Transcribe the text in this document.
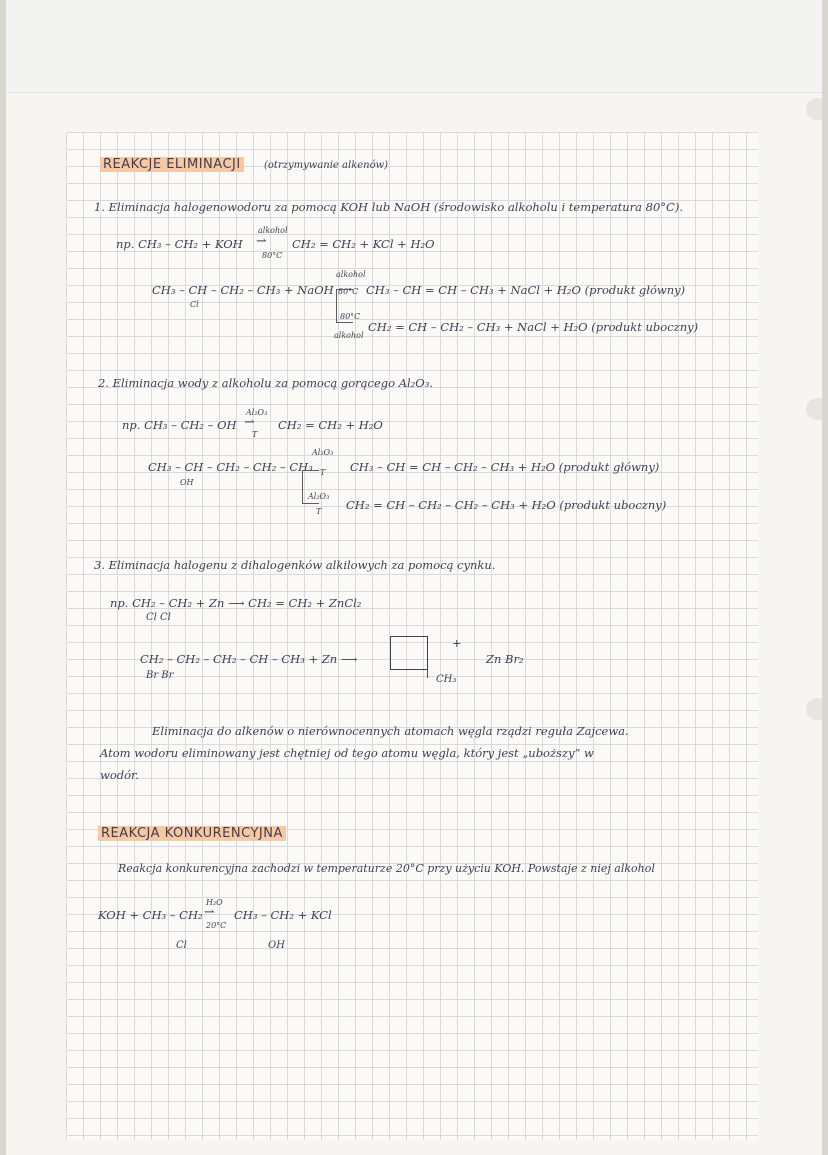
REAKCJE ELIMINACJI	(otrzymywanie alkenów)
1. Eliminacja halogenowodoru za pomocą KOH lub NaOH (środowisko alkoholu i temperatura 80°C).
np. CH₃ – CH₂ + KOH
alkohol
80°C
⇀ CH₂ = CH₂ + KCl + H₂O
CH₃ – CH – CH₂ – CH₃ + NaOH
Cl
alkohol
80°C
80°C
alkohol
CH₃ – CH = CH – CH₃ + NaCl + H₂O (produkt główny)
CH₂ = CH – CH₂ – CH₃ + NaCl + H₂O (produkt uboczny)
2. Eliminacja wody z alkoholu za pomocą gorącego Al₂O₃.
np. CH₃ – CH₂ – OH
Al₂O₃
T
⇀ CH₂ = CH₂ + H₂O
CH₃ – CH – CH₂ – CH₂ – CH₃
OH
Al₂O₃
T
Al₂O₃
T
CH₃ – CH = CH – CH₂ – CH₃ + H₂O (produkt główny)
CH₂ = CH – CH₂ – CH₂ – CH₃ + H₂O (produkt uboczny)
3. Eliminacja halogenu z dihalogenków alkilowych za pomocą cynku.
np. CH₂ – CH₂ + Zn ⟶ CH₂ = CH₂ + ZnCl₂
Cl Cl
CH₂ – CH₂ – CH₂ – CH – CH₃ + Zn ⟶
Br Br	CH₃
+
Zn Br₂
Eliminacja do alkenów o nierównocennych atomach węgla rządzi reguła Zajcewa.
Atom wodoru eliminowany jest chętniej od tego atomu węgla, który jest „uboższy” w
wodór.
REAKCJA KONKURENCYJNA
Reakcja konkurencyjna zachodzi w temperaturze 20°C przy użyciu KOH. Powstaje z niej alkohol
KOH + CH₃ – CH₂
H₂O
20°C
⇀ CH₃ – CH₂ + KCl
Cl	OH
